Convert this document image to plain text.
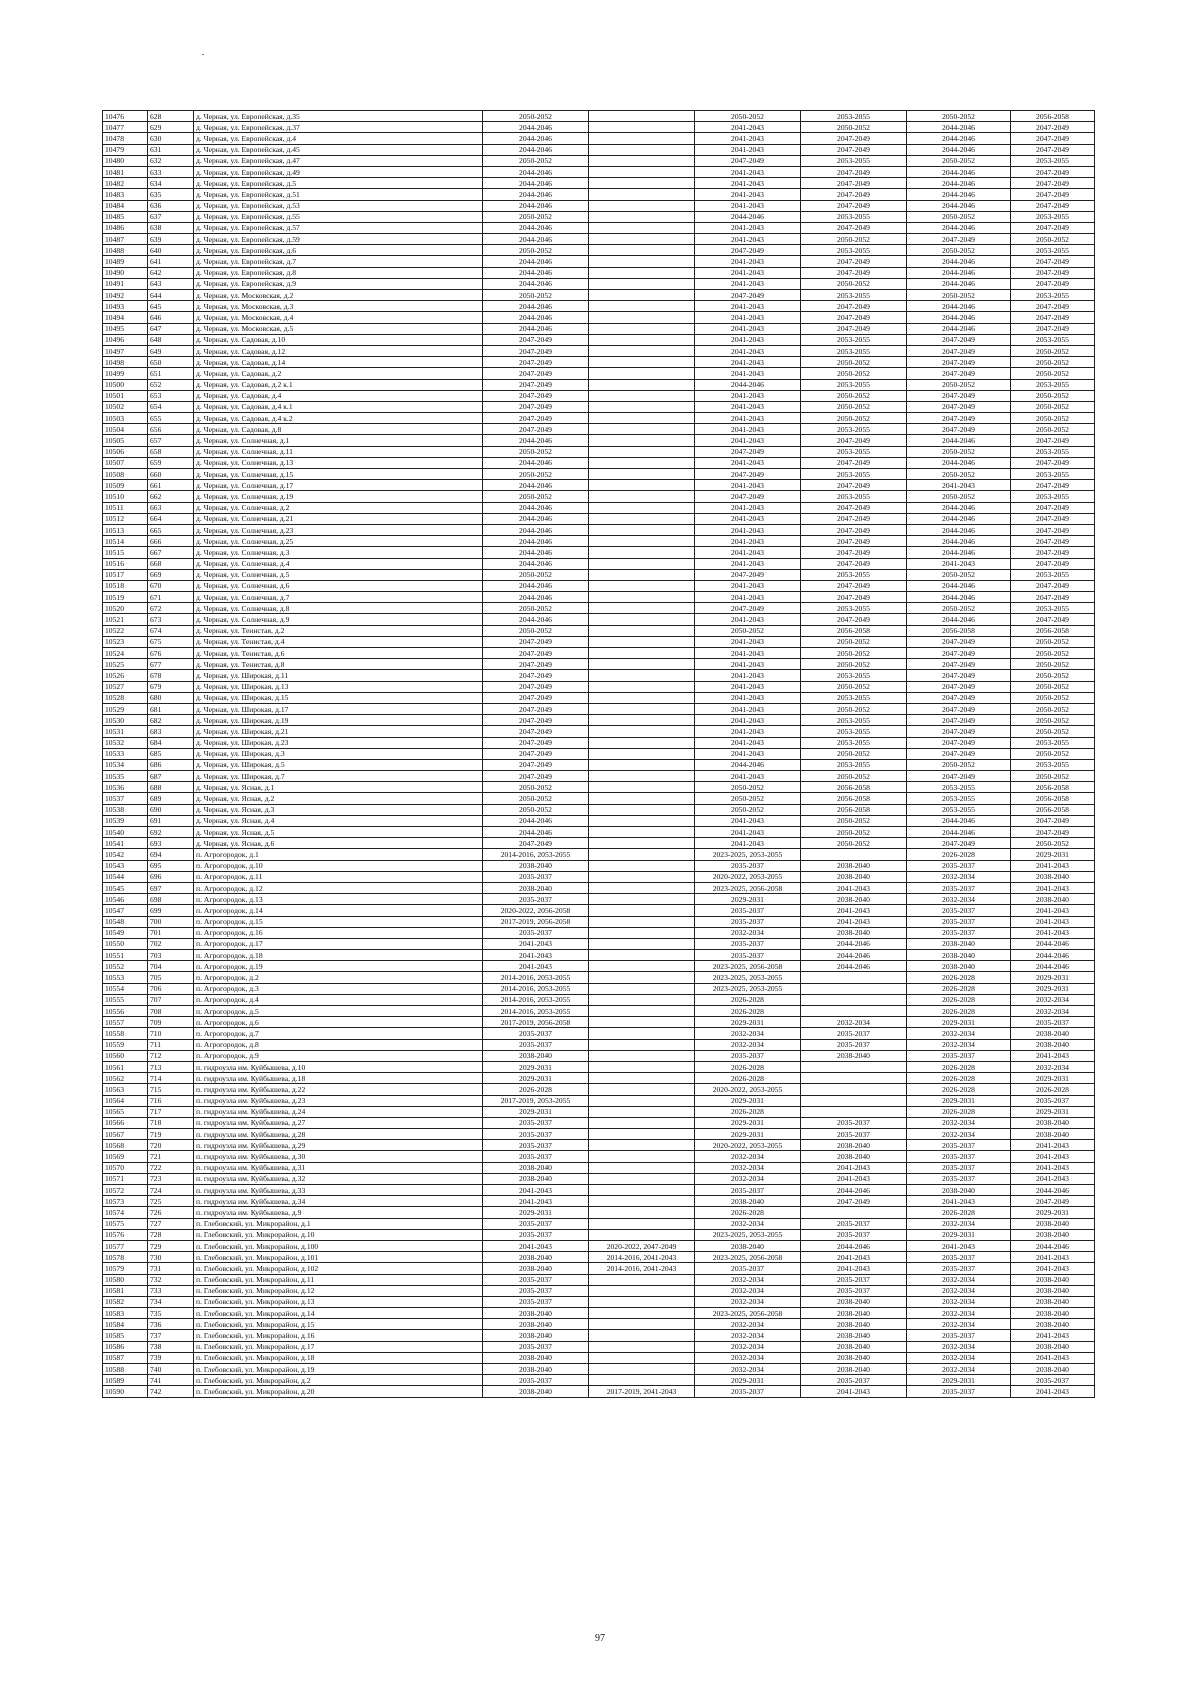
10476	628	д. Черная, ул. Европейская, д.35	2050-2052		2050-2052	2053-2055	2050-2052	2056-2058
10477	629	д. Черная, ул. Европейская, д.37	2044-2046		2041-2043	2050-2052	2044-2046	2047-2049
10478	630	д. Черная, ул. Европейская, д.4	2044-2046		2041-2043	2047-2049	2044-2046	2047-2049
10479	631	д. Черная, ул. Европейская, д.45	2044-2046		2041-2043	2047-2049	2044-2046	2047-2049
10480	632	д. Черная, ул. Европейская, д.47	2050-2052		2047-2049	2053-2055	2050-2052	2053-2055
10481	633	д. Черная, ул. Европейская, д.49	2044-2046		2041-2043	2047-2049	2044-2046	2047-2049
10482	634	д. Черная, ул. Европейская, д.5	2044-2046		2041-2043	2047-2049	2044-2046	2047-2049
10483	635	д. Черная, ул. Европейская, д.51	2044-2046		2041-2043	2047-2049	2044-2046	2047-2049
10484	636	д. Черная, ул. Европейская, д.53	2044-2046		2041-2043	2047-2049	2044-2046	2047-2049
10485	637	д. Черная, ул. Европейская, д.55	2050-2052		2044-2046	2053-2055	2050-2052	2053-2055
10486	638	д. Черная, ул. Европейская, д.57	2044-2046		2041-2043	2047-2049	2044-2046	2047-2049
10487	639	д. Черная, ул. Европейская, д.59	2044-2046		2041-2043	2050-2052	2047-2049	2050-2052
10488	640	д. Черная, ул. Европейская, д.6	2050-2052		2047-2049	2053-2055	2050-2052	2053-2055
10489	641	д. Черная, ул. Европейская, д.7	2044-2046		2041-2043	2047-2049	2044-2046	2047-2049
10490	642	д. Черная, ул. Европейская, д.8	2044-2046		2041-2043	2047-2049	2044-2046	2047-2049
10491	643	д. Черная, ул. Европейская, д.9	2044-2046		2041-2043	2050-2052	2044-2046	2047-2049
10492	644	д. Черная, ул. Московская, д.2	2050-2052		2047-2049	2053-2055	2050-2052	2053-2055
10493	645	д. Черная, ул. Московская, д.3	2044-2046		2041-2043	2047-2049	2044-2046	2047-2049
10494	646	д. Черная, ул. Московская, д.4	2044-2046		2041-2043	2047-2049	2044-2046	2047-2049
10495	647	д. Черная, ул. Московская, д.5	2044-2046		2041-2043	2047-2049	2044-2046	2047-2049
10496	648	д. Черная, ул. Садовая, д.10	2047-2049		2041-2043	2053-2055	2047-2049	2053-2055
10497	649	д. Черная, ул. Садовая, д.12	2047-2049		2041-2043	2053-2055	2047-2049	2050-2052
10498	650	д. Черная, ул. Садовая, д.14	2047-2049		2041-2043	2050-2052	2047-2049	2050-2052
10499	651	д. Черная, ул. Садовая, д.2	2047-2049		2041-2043	2050-2052	2047-2049	2050-2052
10500	652	д. Черная, ул. Садовая, д.2 к.1	2047-2049		2044-2046	2053-2055	2050-2052	2053-2055
10501	653	д. Черная, ул. Садовая, д.4	2047-2049		2041-2043	2050-2052	2047-2049	2050-2052
10502	654	д. Черная, ул. Садовая, д.4 к.1	2047-2049		2041-2043	2050-2052	2047-2049	2050-2052
10503	655	д. Черная, ул. Садовая, д.4 к.2	2047-2049		2041-2043	2050-2052	2047-2049	2050-2052
10504	656	д. Черная, ул. Садовая, д.8	2047-2049		2041-2043	2053-2055	2047-2049	2050-2052
10505	657	д. Черная, ул. Солнечная, д.1	2044-2046		2041-2043	2047-2049	2044-2046	2047-2049
10506	658	д. Черная, ул. Солнечная, д.11	2050-2052		2047-2049	2053-2055	2050-2052	2053-2055
10507	659	д. Черная, ул. Солнечная, д.13	2044-2046		2041-2043	2047-2049	2044-2046	2047-2049
10508	660	д. Черная, ул. Солнечная, д.15	2050-2052		2047-2049	2053-2055	2050-2052	2053-2055
10509	661	д. Черная, ул. Солнечная, д.17	2044-2046		2041-2043	2047-2049	2041-2043	2047-2049
10510	662	д. Черная, ул. Солнечная, д.19	2050-2052		2047-2049	2053-2055	2050-2052	2053-2055
10511	663	д. Черная, ул. Солнечная, д.2	2044-2046		2041-2043	2047-2049	2044-2046	2047-2049
10512	664	д. Черная, ул. Солнечная, д.21	2044-2046		2041-2043	2047-2049	2044-2046	2047-2049
10513	665	д. Черная, ул. Солнечная, д.23	2044-2046		2041-2043	2047-2049	2044-2046	2047-2049
10514	666	д. Черная, ул. Солнечная, д.25	2044-2046		2041-2043	2047-2049	2044-2046	2047-2049
10515	667	д. Черная, ул. Солнечная, д.3	2044-2046		2041-2043	2047-2049	2044-2046	2047-2049
10516	668	д. Черная, ул. Солнечная, д.4	2044-2046		2041-2043	2047-2049	2041-2043	2047-2049
10517	669	д. Черная, ул. Солнечная, д.5	2050-2052		2047-2049	2053-2055	2050-2052	2053-2055
10518	670	д. Черная, ул. Солнечная, д.6	2044-2046		2041-2043	2047-2049	2044-2046	2047-2049
10519	671	д. Черная, ул. Солнечная, д.7	2044-2046		2041-2043	2047-2049	2044-2046	2047-2049
10520	672	д. Черная, ул. Солнечная, д.8	2050-2052		2047-2049	2053-2055	2050-2052	2053-2055
10521	673	д. Черная, ул. Солнечная, д.9	2044-2046		2041-2043	2047-2049	2044-2046	2047-2049
10522	674	д. Черная, ул. Тенистая, д.2	2050-2052		2050-2052	2056-2058	2056-2058	2056-2058
10523	675	д. Черная, ул. Тенистая, д.4	2047-2049		2041-2043	2050-2052	2047-2049	2050-2052
10524	676	д. Черная, ул. Тенистая, д.6	2047-2049		2041-2043	2050-2052	2047-2049	2050-2052
10525	677	д. Черная, ул. Тенистая, д.8	2047-2049		2041-2043	2050-2052	2047-2049	2050-2052
10526	678	д. Черная, ул. Широкая, д.11	2047-2049		2041-2043	2053-2055	2047-2049	2050-2052
10527	679	д. Черная, ул. Широкая, д.13	2047-2049		2041-2043	2050-2052	2047-2049	2050-2052
10528	680	д. Черная, ул. Широкая, д.15	2047-2049		2041-2043	2053-2055	2047-2049	2050-2052
10529	681	д. Черная, ул. Широкая, д.17	2047-2049		2041-2043	2050-2052	2047-2049	2050-2052
10530	682	д. Черная, ул. Широкая, д.19	2047-2049		2041-2043	2053-2055	2047-2049	2050-2052
10531	683	д. Черная, ул. Широкая, д.21	2047-2049		2041-2043	2053-2055	2047-2049	2050-2052
10532	684	д. Черная, ул. Широкая, д.23	2047-2049		2041-2043	2053-2055	2047-2049	2053-2055
10533	685	д. Черная, ул. Широкая, д.3	2047-2049		2041-2043	2050-2052	2047-2049	2050-2052
10534	686	д. Черная, ул. Широкая, д.5	2047-2049		2044-2046	2053-2055	2050-2052	2053-2055
10535	687	д. Черная, ул. Широкая, д.7	2047-2049		2041-2043	2050-2052	2047-2049	2050-2052
10536	688	д. Черная, ул. Ясная, д.1	2050-2052		2050-2052	2056-2058	2053-2055	2056-2058
10537	689	д. Черная, ул. Ясная, д.2	2050-2052		2050-2052	2056-2058	2053-2055	2056-2058
10538	690	д. Черная, ул. Ясная, д.3	2050-2052		2050-2052	2056-2058	2053-2055	2056-2058
10539	691	д. Черная, ул. Ясная, д.4	2044-2046		2041-2043	2050-2052	2044-2046	2047-2049
10540	692	д. Черная, ул. Ясная, д.5	2044-2046		2041-2043	2050-2052	2044-2046	2047-2049
10541	693	д. Черная, ул. Ясная, д.6	2047-2049		2041-2043	2050-2052	2047-2049	2050-2052
10542	694	п. Агрогородок, д.1	2014-2016, 2053-2055		2023-2025, 2053-2055		2026-2028	2029-2031
10543	695	п. Агрогородок, д.10	2038-2040		2035-2037	2038-2040	2035-2037	2041-2043
10544	696	п. Агрогородок, д.11	2035-2037		2020-2022, 2053-2055	2038-2040	2032-2034	2038-2040
10545	697	п. Агрогородок, д.12	2038-2040		2023-2025, 2056-2058	2041-2043	2035-2037	2041-2043
10546	698	п. Агрогородок, д.13	2035-2037		2029-2031	2038-2040	2032-2034	2038-2040
10547	699	п. Агрогородок, д.14	2020-2022, 2056-2058		2035-2037	2041-2043	2035-2037	2041-2043
10548	700	п. Агрогородок, д.15	2017-2019, 2056-2058		2035-2037	2041-2043	2035-2037	2041-2043
10549	701	п. Агрогородок, д.16	2035-2037		2032-2034	2038-2040	2035-2037	2041-2043
10550	702	п. Агрогородок, д.17	2041-2043		2035-2037	2044-2046	2038-2040	2044-2046
10551	703	п. Агрогородок, д.18	2041-2043		2035-2037	2044-2046	2038-2040	2044-2046
10552	704	п. Агрогородок, д.19	2041-2043		2023-2025, 2056-2058	2044-2046	2038-2040	2044-2046
10553	705	п. Агрогородок, д.2	2014-2016, 2053-2055		2023-2025, 2053-2055		2026-2028	2029-2031
10554	706	п. Агрогородок, д.3	2014-2016, 2053-2055		2023-2025, 2053-2055		2026-2028	2029-2031
10555	707	п. Агрогородок, д.4	2014-2016, 2053-2055		2026-2028		2026-2028	2032-2034
10556	708	п. Агрогородок, д.5	2014-2016, 2053-2055		2026-2028		2026-2028	2032-2034
10557	709	п. Агрогородок, д.6	2017-2019, 2056-2058		2029-2031	2032-2034	2029-2031	2035-2037
10558	710	п. Агрогородок, д.7	2035-2037		2032-2034	2035-2037	2032-2034	2038-2040
10559	711	п. Агрогородок, д.8	2035-2037		2032-2034	2035-2037	2032-2034	2038-2040
10560	712	п. Агрогородок, д.9	2038-2040		2035-2037	2038-2040	2035-2037	2041-2043
10561	713	п. гидроузла им. Куйбышева, д.10	2029-2031		2026-2028		2026-2028	2032-2034
10562	714	п. гидроузла им. Куйбышева, д.18	2029-2031		2026-2028		2026-2028	2029-2031
10563	715	п. гидроузла им. Куйбышева, д.22	2026-2028		2020-2022, 2053-2055		2026-2028	2026-2028
10564	716	п. гидроузла им. Куйбышева, д.23	2017-2019, 2053-2055		2029-2031		2029-2031	2035-2037
10565	717	п. гидроузла им. Куйбышева, д.24	2029-2031		2026-2028		2026-2028	2029-2031
10566	718	п. гидроузла им. Куйбышева, д.27	2035-2037		2029-2031	2035-2037	2032-2034	2038-2040
10567	719	п. гидроузла им. Куйбышева, д.28	2035-2037		2029-2031	2035-2037	2032-2034	2038-2040
10568	720	п. гидроузла им. Куйбышева, д.29	2035-2037		2020-2022, 2053-2055	2038-2040	2035-2037	2041-2043
10569	721	п. гидроузла им. Куйбышева, д.30	2035-2037		2032-2034	2038-2040	2035-2037	2041-2043
10570	722	п. гидроузла им. Куйбышева, д.31	2038-2040		2032-2034	2041-2043	2035-2037	2041-2043
10571	723	п. гидроузла им. Куйбышева, д.32	2038-2040		2032-2034	2041-2043	2035-2037	2041-2043
10572	724	п. гидроузла им. Куйбышева, д.33	2041-2043		2035-2037	2044-2046	2038-2040	2044-2046
10573	725	п. гидроузла им. Куйбышева, д.34	2041-2043		2038-2040	2047-2049	2041-2043	2047-2049
10574	726	п. гидроузла им. Куйбышева, д.9	2029-2031		2026-2028		2026-2028	2029-2031
10575	727	п. Глебовский, ул. Микрорайон, д.1	2035-2037		2032-2034	2035-2037	2032-2034	2038-2040
10576	728	п. Глебовский, ул. Микрорайон, д.10	2035-2037		2023-2025, 2053-2055	2035-2037	2029-2031	2038-2040
10577	729	п. Глебовский, ул. Микрорайон, д.100	2041-2043	2020-2022, 2047-2049	2038-2040	2044-2046	2041-2043	2044-2046
10578	730	п. Глебовский, ул. Микрорайон, д.101	2038-2040	2014-2016, 2041-2043	2023-2025, 2056-2058	2041-2043	2035-2037	2041-2043
10579	731	п. Глебовский, ул. Микрорайон, д.102	2038-2040	2014-2016, 2041-2043	2035-2037	2041-2043	2035-2037	2041-2043
10580	732	п. Глебовский, ул. Микрорайон, д.11	2035-2037		2032-2034	2035-2037	2032-2034	2038-2040
10581	733	п. Глебовский, ул. Микрорайон, д.12	2035-2037		2032-2034	2035-2037	2032-2034	2038-2040
10582	734	п. Глебовский, ул. Микрорайон, д.13	2035-2037		2032-2034	2038-2040	2032-2034	2038-2040
10583	735	п. Глебовский, ул. Микрорайон, д.14	2038-2040		2023-2025, 2056-2058	2038-2040	2032-2034	2038-2040
10584	736	п. Глебовский, ул. Микрорайон, д.15	2038-2040		2032-2034	2038-2040	2032-2034	2038-2040
10585	737	п. Глебовский, ул. Микрорайон, д.16	2038-2040		2032-2034	2038-2040	2035-2037	2041-2043
10586	738	п. Глебовский, ул. Микрорайон, д.17	2035-2037		2032-2034	2038-2040	2032-2034	2038-2040
10587	739	п. Глебовский, ул. Микрорайон, д.18	2038-2040		2032-2034	2038-2040	2032-2034	2041-2043
10588	740	п. Глебовский, ул. Микрорайон, д.19	2038-2040		2032-2034	2038-2040	2032-2034	2038-2040
10589	741	п. Глебовский, ул. Микрорайон, д.2	2035-2037		2029-2031	2035-2037	2029-2031	2035-2037
10590	742	п. Глебовский, ул. Микрорайон, д.20	2038-2040	2017-2019, 2041-2043	2035-2037	2041-2043	2035-2037	2041-2043
97
